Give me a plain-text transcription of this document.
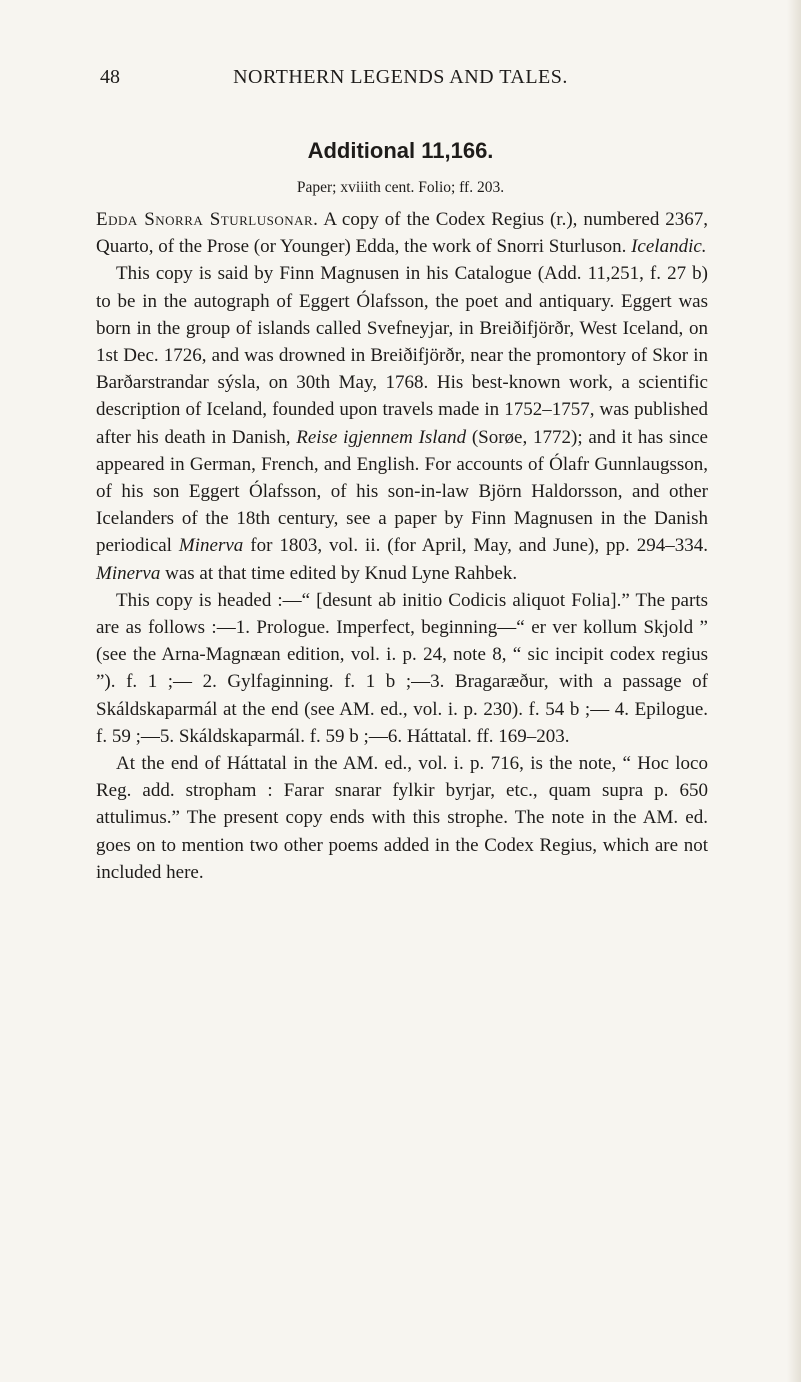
NORTHERN LEGENDS AND TALES.
48
Additional 11,166.
Paper; xviiith cent. Folio; ff. 203.

Edda Snorra Sturlusonar. A copy of the Codex Regius (r.), numbered 2367, Quarto, of the Prose (or Younger) Edda, the work of Snorri Sturluson. Icelandic.

This copy is said by Finn Magnusen in his Catalogue (Add. 11,251, f. 27 b) to be in the autograph of Eggert Ólafsson, the poet and antiquary. Eggert was born in the group of islands called Svefneyjar, in Breiðifjörðr, West Iceland, on 1st Dec. 1726, and was drowned in Breiðifjörðr, near the promontory of Skor in Barðarstrandar sýsla, on 30th May, 1768. His best-known work, a scientific description of Iceland, founded upon travels made in 1752–1757, was published after his death in Danish, Reise igjennem Island (Sorøe, 1772); and it has since appeared in German, French, and English. For accounts of Ólafr Gunnlaugsson, of his son Eggert Ólafsson, of his son-in-law Björn Haldorsson, and other Icelanders of the 18th century, see a paper by Finn Magnusen in the Danish periodical Minerva for 1803, vol. ii. (for April, May, and June), pp. 294–334. Minerva was at that time edited by Knud Lyne Rahbek.

This copy is headed :—“ [desunt ab initio Codicis aliquot Folia].” The parts are as follows :—1. Prologue. Imperfect, beginning—“ er ver kollum Skjold ” (see the Arna-Magnæan edition, vol. i. p. 24, note 8, “ sic incipit codex regius ”). f. 1 ;— 2. Gylfaginning. f. 1 b ;—3. Bragaræður, with a passage of Skáldskaparmál at the end (see AM. ed., vol. i. p. 230). f. 54 b ;— 4. Epilogue. f. 59 ;—5. Skáldskaparmál. f. 59 b ;—6. Háttatal. ff. 169–203.

At the end of Háttatal in the AM. ed., vol. i. p. 716, is the note, “ Hoc loco Reg. add. stropham : Farar snarar fylkir byrjar, etc., quam supra p. 650 attulimus.” The present copy ends with this strophe. The note in the AM. ed. goes on to mention two other poems added in the Codex Regius, which are not included here.
